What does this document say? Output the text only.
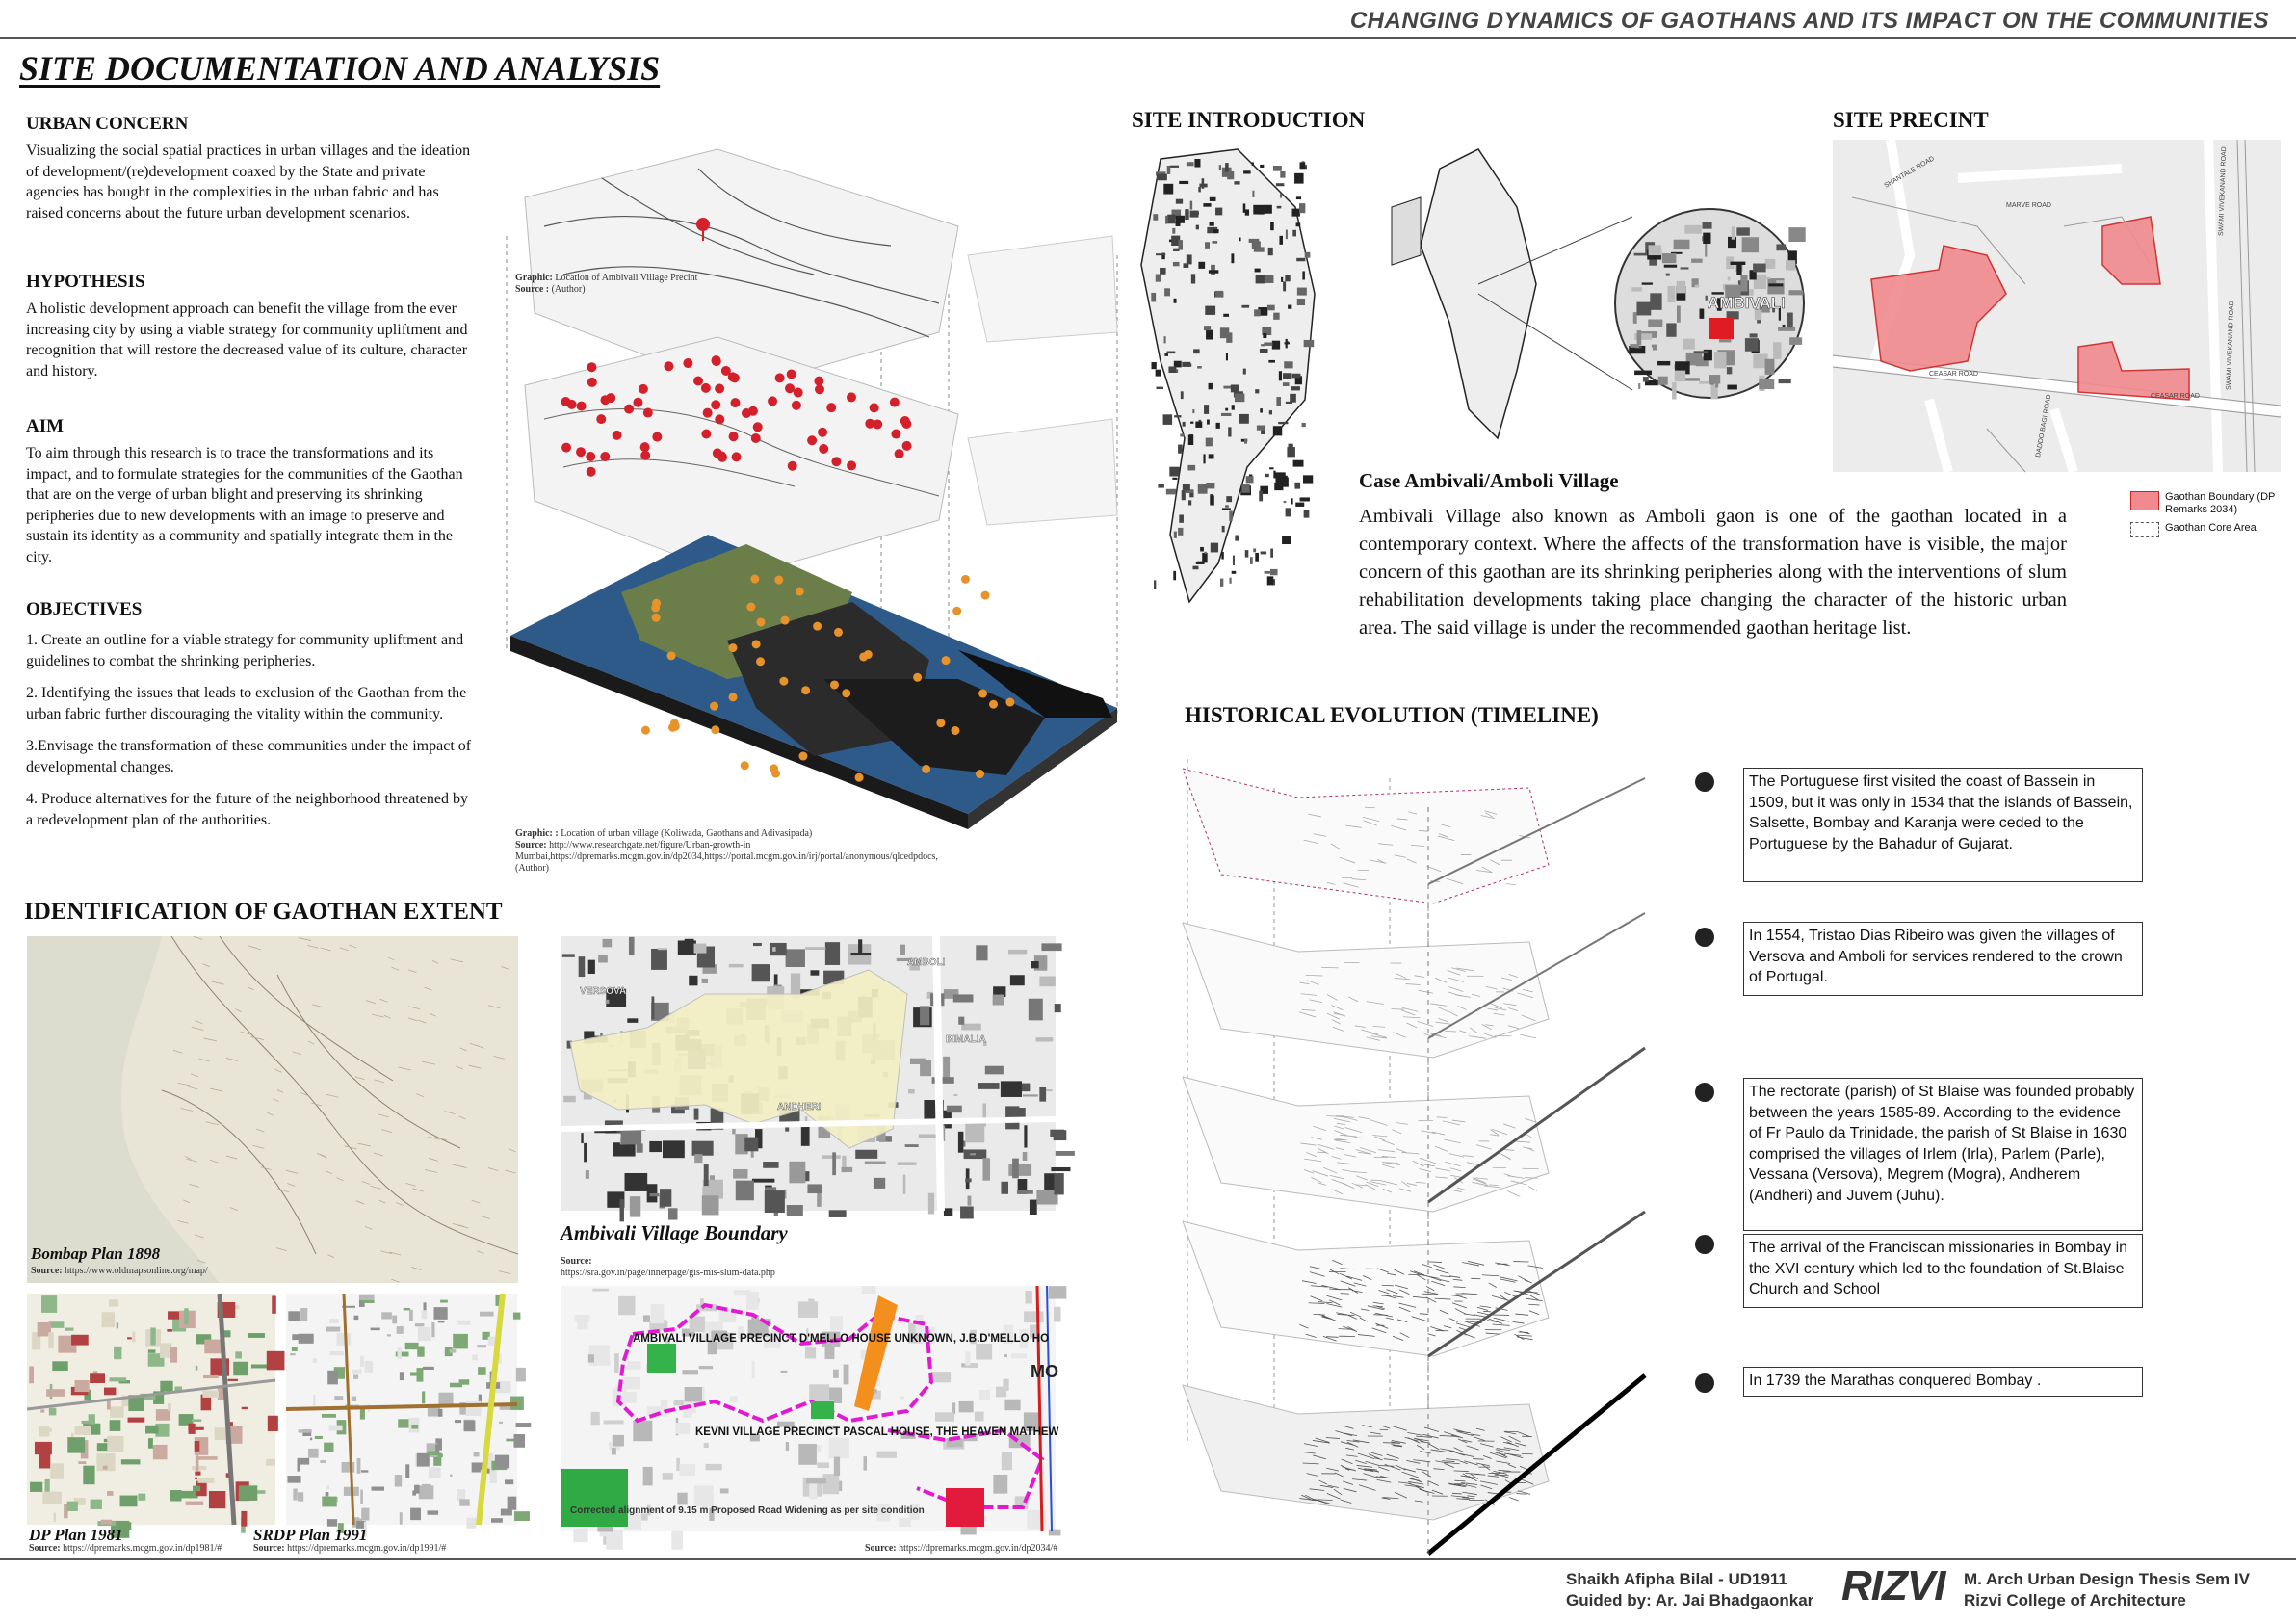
CHANGING DYNAMICS OF GAOTHANS AND ITS IMPACT ON THE COMMUNITIES
SITE DOCUMENTATION AND ANALYSIS
URBAN CONCERN
Visualizing the social spatial practices in urban villages and the ideation of development/(re)development coaxed by the State and private agencies has bought in the complexities in the urban fabric and has raised concerns about the future urban development scenarios.
HYPOTHESIS
A holistic development approach can benefit the village from the ever increasing city by using a viable strategy for community upliftment and recognition that will restore the decreased value of its culture, character and history.
AIM
To aim through this research is to trace the transformations and its impact, and to formulate strategies for the communities of the Gaothan that are on the verge of urban blight and preserving its shrinking peripheries due to new developments with an image to preserve and sustain its identity as a community and spatially integrate them in the city.
OBJECTIVES
1. Create an outline for a viable strategy for community upliftment and guidelines to combat the shrinking peripheries.
2. Identifying the issues that leads to exclusion of the Gaothan from the urban fabric further discouraging the vitality within the community.
3.Envisage the transformation of these communities under the impact of developmental changes.
4. Produce alternatives for the future of the neighborhood threatened by a redevelopment plan of the authorities.
Graphic: Location of Ambivali Village Precint
Source : (Author)
Graphic: : Location of urban village (Koliwada, Gaothans and Adivasipada)
Source: http://www.researchgate.net/figure/Urban-growth-in Mumbai,https://dpremarks.mcgm.gov.in/dp2034,https://portal.mcgm.gov.in/irj/portal/anonymous/qlcedpdocs,(Author)
SITE INTRODUCTION
AMBIVALI
SITE PRECINT
MARVE ROAD
CEASAR ROAD
CEASAR ROAD
SWAMI VIVEKANAND ROAD
SWAMI VIVEKANAND ROAD
DADDO BAGI ROAD
SHANTALE ROAD
Gaothan Boundary (DP Remarks 2034)
Gaothan Core Area
Case Ambivali/Amboli Village
Ambivali Village also known as Amboli gaon is one of the gaothan located in a contemporary context. Where the affects of the transformation have is visible, the major concern of this gaothan are its shrinking peripheries along with the interventions of slum rehabilitation developments taking place changing the character of the historic urban area. The said village is under the recommended gaothan heritage list.
HISTORICAL EVOLUTION (TIMELINE)
The Portuguese first visited the coast of Bassein in 1509, but it was only in 1534 that the islands of Bassein, Salsette, Bombay and Karanja were ceded to the Portuguese by the Bahadur of Gujarat.
In 1554, Tristao Dias Ribeiro was given the villages of Versova and Amboli for services rendered to the crown of Portugal.
The rectorate (parish) of St Blaise was founded probably between the years 1585-89. According to the evidence of Fr Paulo da Trinidade, the parish of St Blaise in 1630 comprised the villages of Irlem (Irla), Parlem (Parle), Vessana (Versova), Megrem (Mogra), Andherem (Andheri) and Juvem (Juhu).
The arrival of the Franciscan missionaries in Bombay in the XVI century which led to the foundation of St.Blaise Church and School
In 1739 the Marathas conquered Bombay .
IDENTIFICATION OF GAOTHAN EXTENT
Bombap Plan 1898
Source: https://www.oldmapsonline.org/map/
DP Plan 1981
Source: https://dpremarks.mcgm.gov.in/dp1981/#
SRDP Plan 1991
Source: https://dpremarks.mcgm.gov.in/dp1991/#
VERSOVA
ANDHERI
AMBOLI
BIMALIA
Ambivali Village Boundary
Source:
https://sra.gov.in/page/innerpage/gis-mis-slum-data.php
AMBIVALI VILLAGE PRECINCT D'MELLO HOUSE UNKNOWN, J.B.D'MELLO HO
KEVNI VILLAGE PRECINCT PASCAL HOUSE, THE HEAVEN MATHEW
Corrected alignment of 9.15 m Proposed Road Widening as per site condition
MO
Source: https://dpremarks.mcgm.gov.in/dp2034/#
Shaikh Afipha Bilal - UD1911
Guided by: Ar. Jai Bhadgaonkar RIZVI M. Arch Urban Design Thesis Sem IV
Rizvi College of Architecture
